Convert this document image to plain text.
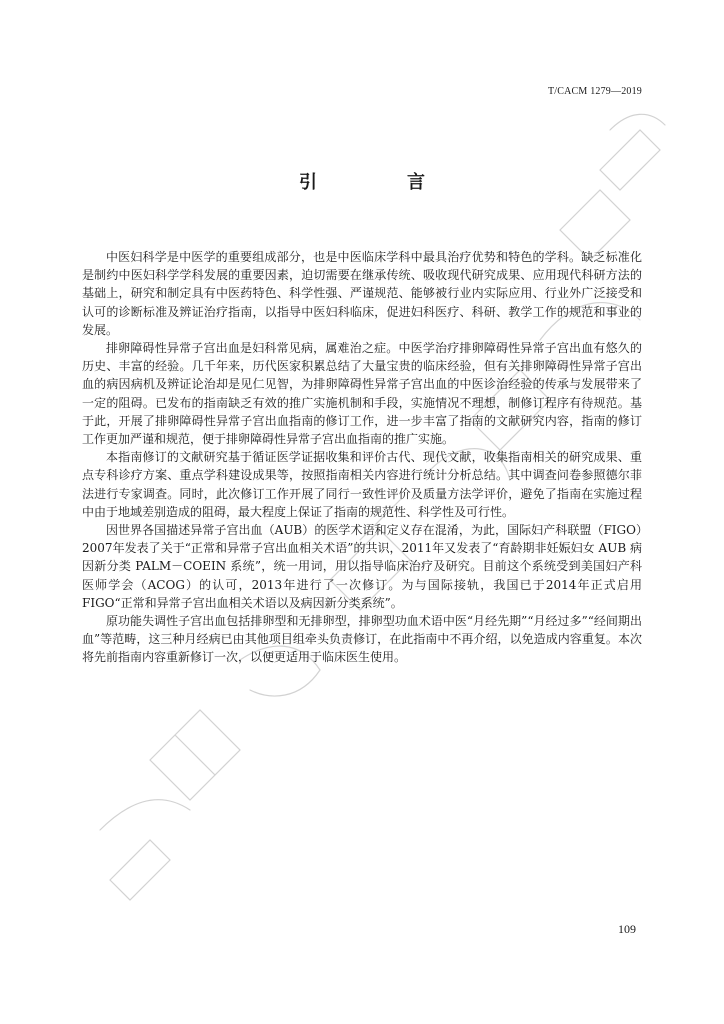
T/CACM 1279—2019
引　言

中医妇科学是中医学的重要组成部分，也是中医临床学科中最具治疗优势和特色的学科。缺乏标准化是制约中医妇科学学科发展的重要因素，迫切需要在继承传统、吸收现代研究成果、应用现代科研方法的基础上，研究和制定具有中医药特色、科学性强、严谨规范、能够被行业内实际应用、行业外广泛接受和认可的诊断标准及辨证治疗指南，以指导中医妇科临床，促进妇科医疗、科研、教学工作的规范和事业的发展。

排卵障碍性异常子宫出血是妇科常见病，属难治之症。中医学治疗排卵障碍性异常子宫出血有悠久的历史、丰富的经验。几千年来，历代医家积累总结了大量宝贵的临床经验，但有关排卵障碍性异常子宫出血的病因病机及辨证论治却是见仁见智，为排卵障碍性异常子宫出血的中医诊治经验的传承与发展带来了一定的阻碍。已发布的指南缺乏有效的推广实施机制和手段，实施情况不理想，制修订程序有待规范。基于此，开展了排卵障碍性异常子宫出血指南的修订工作，进一步丰富了指南的文献研究内容，指南的修订工作更加严谨和规范，便于排卵障碍性异常子宫出血指南的推广实施。

本指南修订的文献研究基于循证医学证据收集和评价古代、现代文献，收集指南相关的研究成果、重点专科诊疗方案、重点学科建设成果等，按照指南相关内容进行统计分析总结。其中调查问卷参照德尔菲法进行专家调查。同时，此次修订工作开展了同行一致性评价及质量方法学评价，避免了指南在实施过程中由于地域差别造成的阻碍，最大程度上保证了指南的规范性、科学性及可行性。

因世界各国描述异常子宫出血（AUB）的医学术语和定义存在混淆，为此，国际妇产科联盟（FIGO）2007年发表了关于“正常和异常子宫出血相关术语”的共识，2011年又发表了“育龄期非妊娠妇女 AUB 病因新分类 PALM－COEIN 系统”，统一用词，用以指导临床治疗及研究。目前这个系统受到美国妇产科医师学会（ACOG）的认可，2013年进行了一次修订。为与国际接轨，我国已于2014年正式启用 FIGO“正常和异常子宫出血相关术语以及病因新分类系统”。

原功能失调性子宫出血包括排卵型和无排卵型，排卵型功血术语中医“月经先期”“月经过多”“经间期出血”等范畴，这三种月经病已由其他项目组牵头负责修订，在此指南中不再介绍，以免造成内容重复。本次将先前指南内容重新修订一次，以便更适用于临床医生使用。

109
